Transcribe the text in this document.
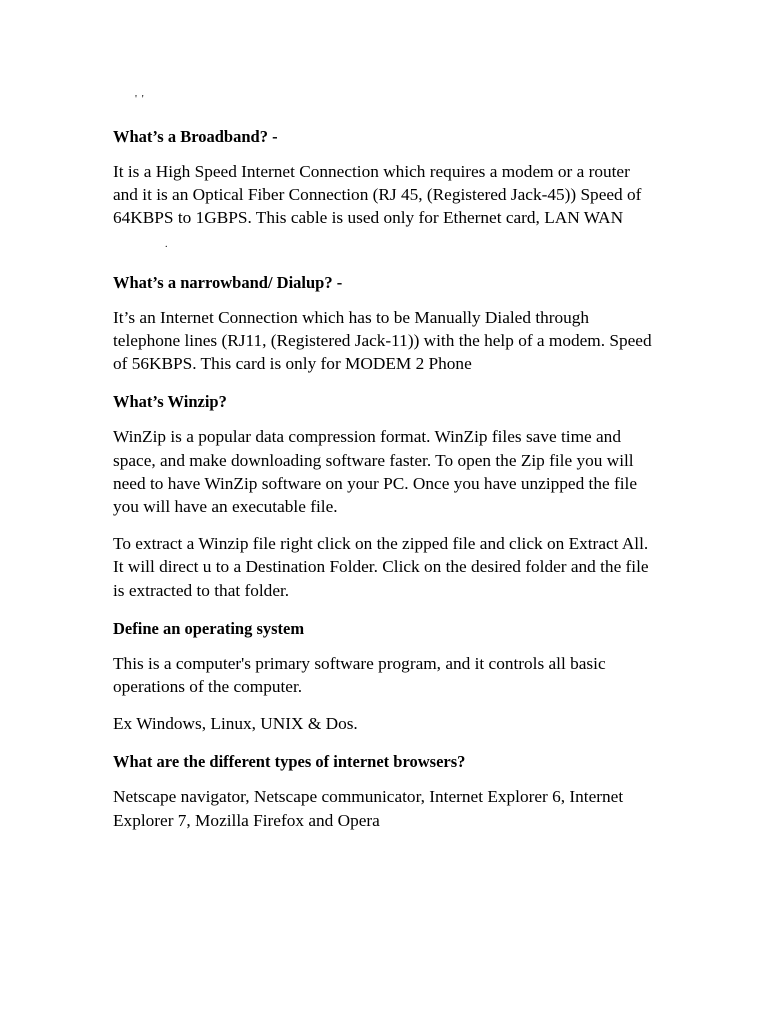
' '

What’s a Broadband? -

It is a High Speed Internet Connection which requires a modem or a router and it is an Optical Fiber Connection (RJ 45, (Registered Jack-45)) Speed of 64KBPS to 1GBPS. This cable is used only for Ethernet card, LAN WAN.

What’s a narrowband/ Dialup? -

It’s an Internet Connection which has to be Manually Dialed through telephone lines (RJ11, (Registered Jack-11)) with the help of a modem. Speed of 56KBPS. This card is only for MODEM 2 Phone

What’s Winzip?

WinZip is a popular data compression format. WinZip files save time and space, and make downloading software faster. To open the Zip file you will need to have WinZip software on your PC. Once you have unzipped the file you will have an executable file.

To extract a Winzip file right click on the zipped file and click on Extract All. It will direct u to a Destination Folder. Click on the desired folder and the file is extracted to that folder.

Define an operating system

This is a computer's primary software program, and it controls all basic operations of the computer.

Ex Windows, Linux, UNIX & Dos.

What are the different types of internet browsers?

Netscape navigator, Netscape communicator, Internet Explorer 6, Internet Explorer 7, Mozilla Firefox and Opera
